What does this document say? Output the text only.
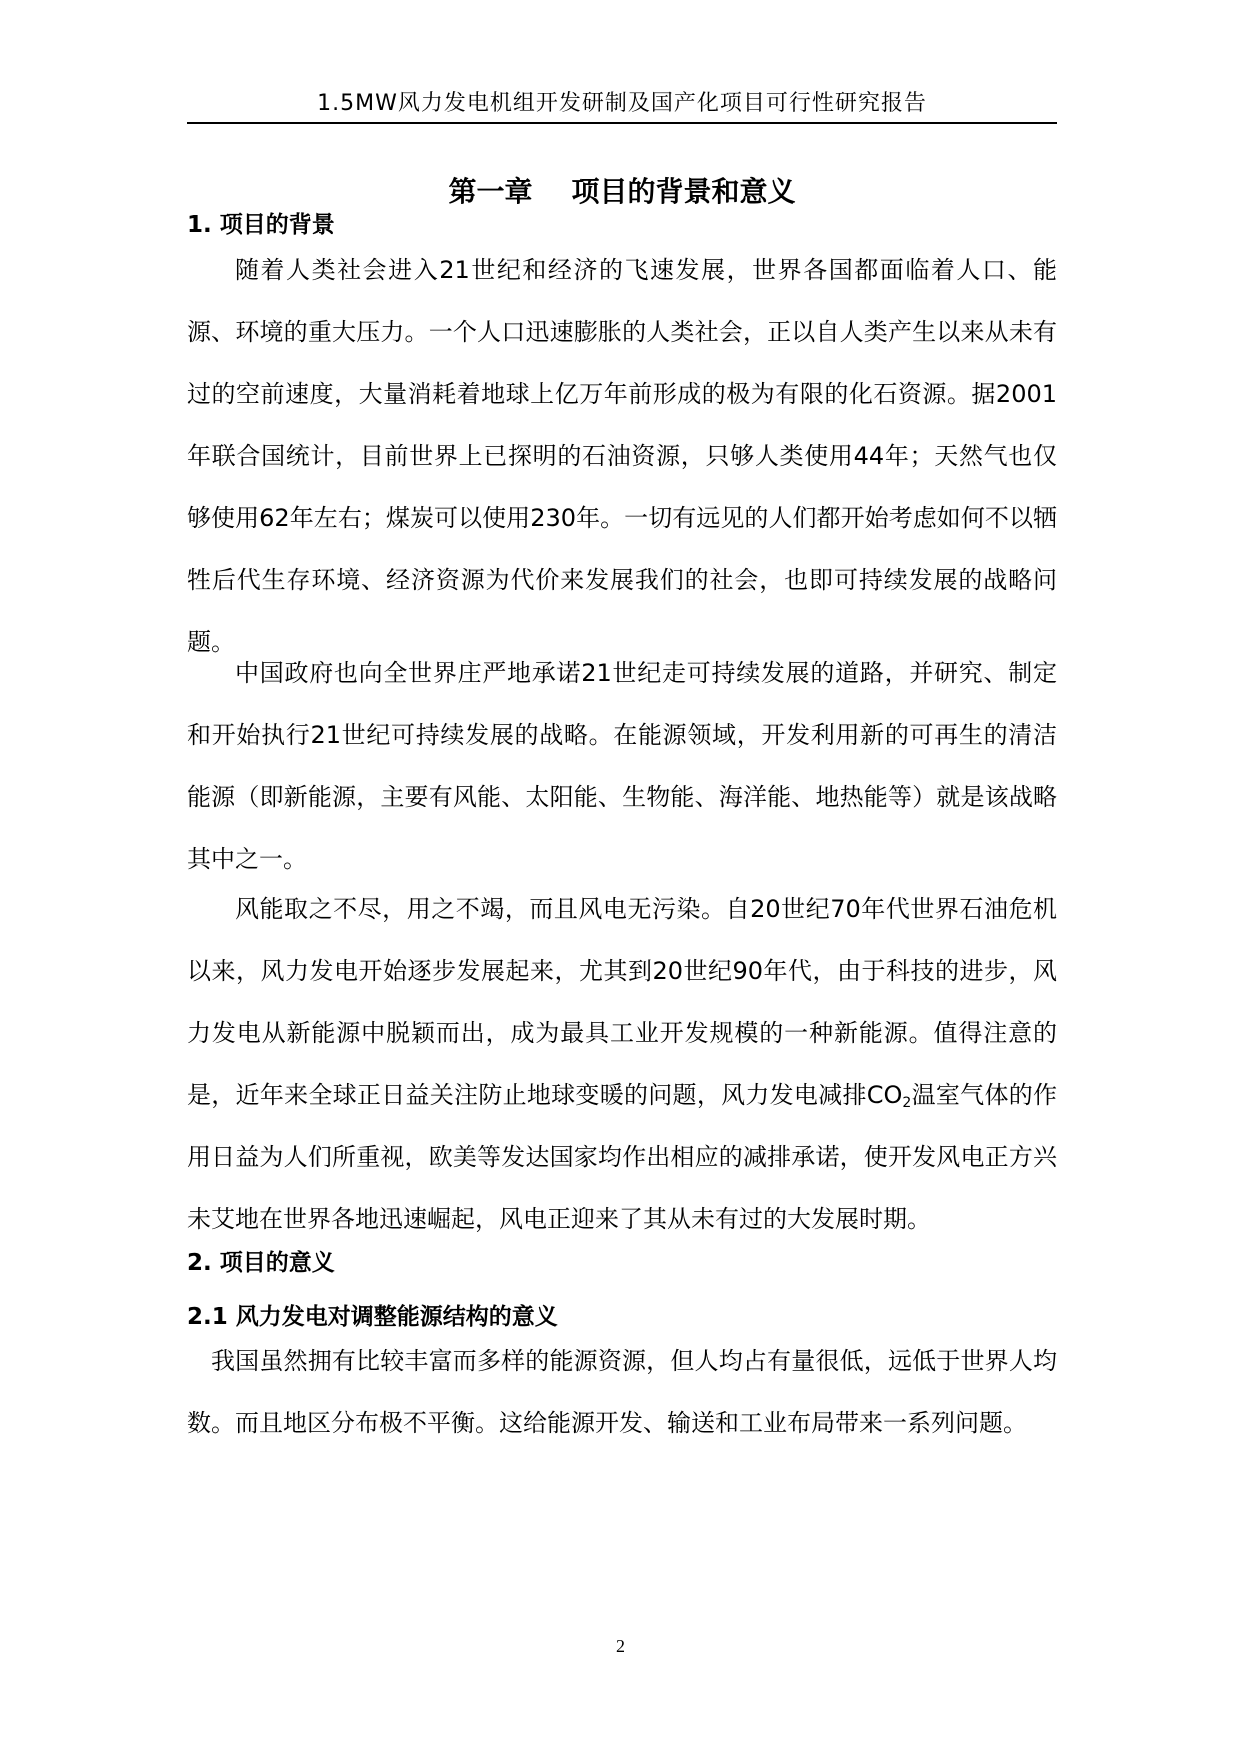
1.5MW风力发电机组开发研制及国产化项目可行性研究报告
第一章    项目的背景和意义
1. 项目的背景

随着人类社会进入21世纪和经济的飞速发展，世界各国都面临着人口、能源、环境的重大压力。一个人口迅速膨胀的人类社会，正以自人类产生以来从未有过的空前速度，大量消耗着地球上亿万年前形成的极为有限的化石资源。据2001年联合国统计，目前世界上已探明的石油资源，只够人类使用44年；天然气也仅够使用62年左右；煤炭可以使用230年。一切有远见的人们都开始考虑如何不以牺牲后代生存环境、经济资源为代价来发展我们的社会，也即可持续发展的战略问题。

中国政府也向全世界庄严地承诺21世纪走可持续发展的道路，并研究、制定和开始执行21世纪可持续发展的战略。在能源领域，开发利用新的可再生的清洁能源（即新能源，主要有风能、太阳能、生物能、海洋能、地热能等）就是该战略其中之一。

风能取之不尽，用之不竭，而且风电无污染。自20世纪70年代世界石油危机以来，风力发电开始逐步发展起来，尤其到20世纪90年代，由于科技的进步，风力发电从新能源中脱颖而出，成为最具工业开发规模的一种新能源。值得注意的是，近年来全球正日益关注防止地球变暖的问题，风力发电减排$CO_2$温室气体的作用日益为人们所重视，欧美等发达国家均作出相应的减排承诺，使开发风电正方兴未艾地在世界各地迅速崛起，风电正迎来了其从未有过的大发展时期。

2. 项目的意义
2.1 风力发电对调整能源结构的意义

我国虽然拥有比较丰富而多样的能源资源，但人均占有量很低，远低于世界人均数。而且地区分布极不平衡。这给能源开发、输送和工业布局带来一系列问题。

2
